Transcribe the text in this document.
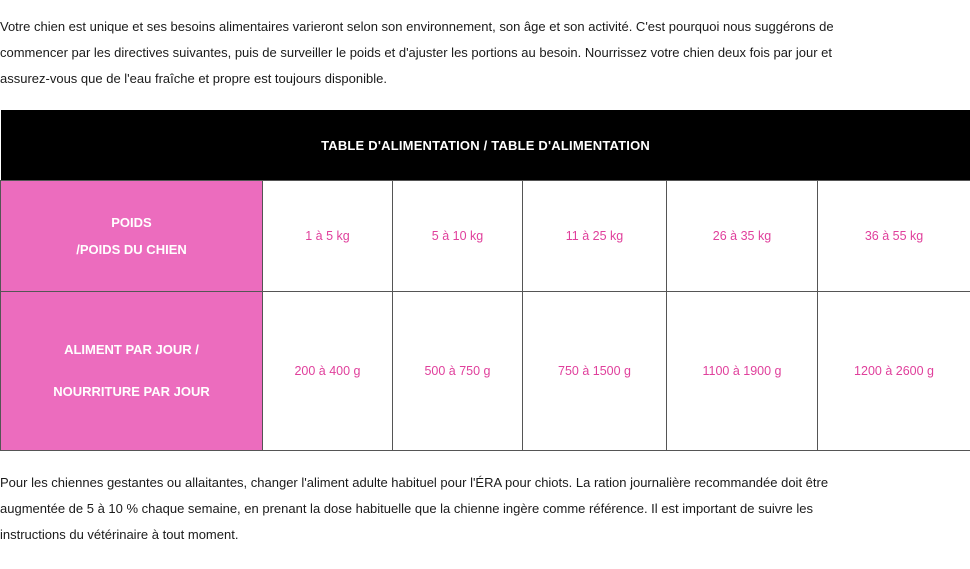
Votre chien est unique et ses besoins alimentaires varieront selon son environnement, son âge et son activité. C'est pourquoi nous suggérons de
commencer par les directives suivantes, puis de surveiller le poids et d'ajuster les portions au besoin. Nourrissez votre chien deux fois par jour et
assurez-vous que de l'eau fraîche et propre est toujours disponible.

TABLE D'ALIMENTATION / TABLE D'ALIMENTATION					
POIDS
/POIDS DU CHIEN	1 à 5 kg	5 à 10 kg	11 à 25 kg	26 à 35 kg	36 à 55 kg
ALIMENT PAR JOUR /
NOURRITURE PAR JOUR	200 à 400 g	500 à 750 g	750 à 1500 g	1100 à 1900 g	1200 à 2600 g

Pour les chiennes gestantes ou allaitantes, changer l'aliment adulte habituel pour l'ÉRA pour chiots. La ration journalière recommandée doit être
augmentée de 5 à 10 % chaque semaine, en prenant la dose habituelle que la chienne ingère comme référence. Il est important de suivre les
instructions du vétérinaire à tout moment.
